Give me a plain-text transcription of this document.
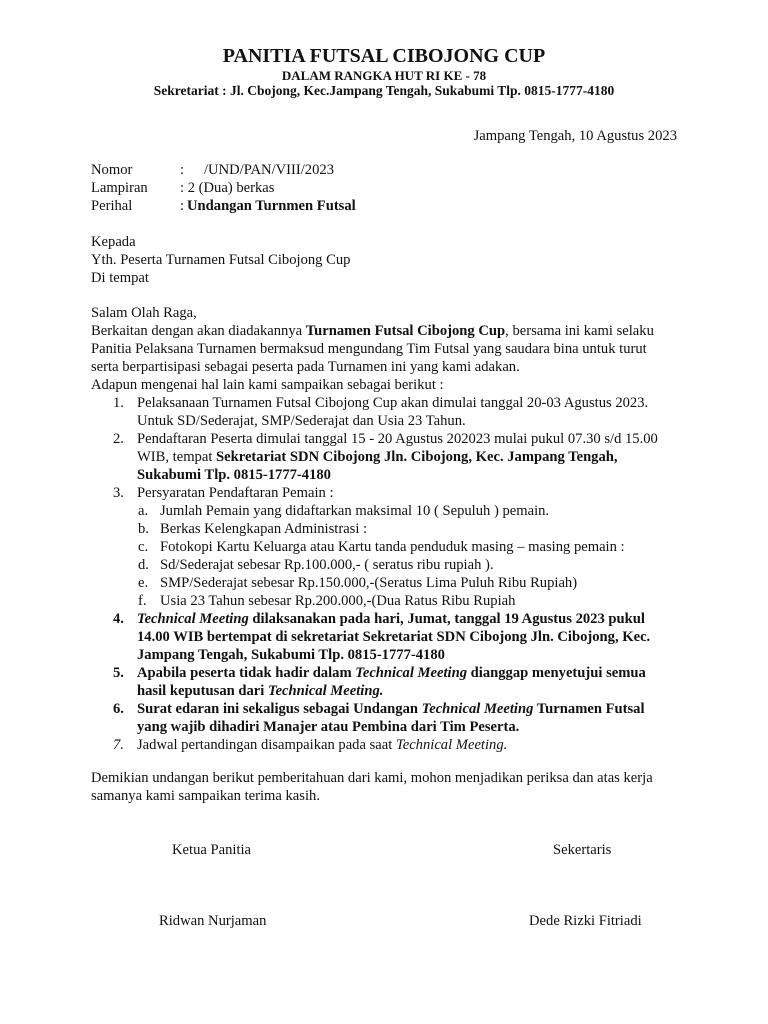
PANITIA FUTSAL CIBOJONG CUP
DALAM RANGKA HUT RI KE - 78
Sekretariat : Jl. Cbojong, Kec.Jampang Tengah, Sukabumi Tlp. 0815-1777-4180
Jampang Tengah, 10 Agustus 2023
Nomor	: /UND/PAN/VIII/2023
Lampiran : 2 (Dua) berkas
Perihal	: Undangan Turnmen Futsal
Kepada
Yth. Peserta Turnamen Futsal Cibojong Cup
Di tempat
Salam Olah Raga,
Berkaitan dengan akan diadakannya Turnamen Futsal Cibojong Cup, bersama ini kami selaku
Panitia Pelaksana Turnamen bermaksud mengundang Tim Futsal yang saudara bina untuk turut
serta berpartisipasi sebagai peserta pada Turnamen ini yang kami adakan.
Adapun mengenai hal lain kami sampaikan sebagai berikut :
1. Pelaksanaan Turnamen Futsal Cibojong Cup akan dimulai tanggal 20-03 Agustus 2023.
Untuk SD/Sederajat, SMP/Sederajat dan Usia 23 Tahun.
2. Pendaftaran Peserta dimulai tanggal 15 - 20 Agustus 202023 mulai pukul 07.30 s/d 15.00
WIB, tempat Sekretariat SDN Cibojong Jln. Cibojong, Kec. Jampang Tengah,
Sukabumi Tlp. 0815-1777-4180
3. Persyaratan Pendaftaran Pemain :
a. Jumlah Pemain yang didaftarkan maksimal 10 ( Sepuluh ) pemain.
b. Berkas Kelengkapan Administrasi :
c. Fotokopi Kartu Keluarga atau Kartu tanda penduduk masing – masing pemain :
d. Sd/Sederajat sebesar Rp.100.000,- ( seratus ribu rupiah ).
e. SMP/Sederajat sebesar Rp.150.000,-(Seratus Lima Puluh Ribu Rupiah)
f. Usia 23 Tahun sebesar Rp.200.000,-(Dua Ratus Ribu Rupiah
4. Technical Meeting dilaksanakan pada hari, Jumat, tanggal 19 Agustus 2023 pukul
14.00 WIB bertempat di sekretariat Sekretariat SDN Cibojong Jln. Cibojong, Kec.
Jampang Tengah, Sukabumi Tlp. 0815-1777-4180
5. Apabila peserta tidak hadir dalam Technical Meeting dianggap menyetujui semua
hasil keputusan dari Technical Meeting.
6. Surat edaran ini sekaligus sebagai Undangan Technical Meeting Turnamen Futsal
yang wajib dihadiri Manajer atau Pembina dari Tim Peserta.
7. Jadwal pertandingan disampaikan pada saat Technical Meeting.
Demikian undangan berikut pemberitahuan dari kami, mohon menjadikan periksa dan atas kerja
samanya kami sampaikan terima kasih.
Ketua Panitia	Sekertaris
Ridwan Nurjaman	Dede Rizki Fitriadi
